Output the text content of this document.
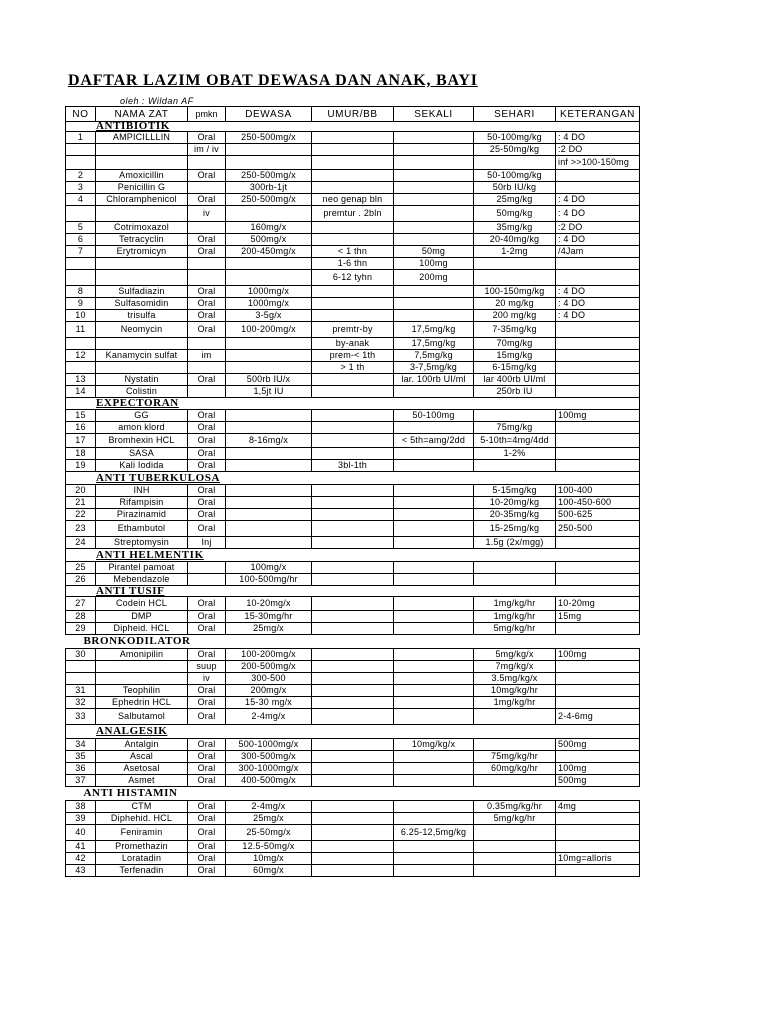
DAFTAR LAZIM OBAT DEWASA DAN ANAK, BAYI
oleh : Wildan AF
NO	NAMA ZAT	pmkn	DEWASA	UMUR/BB	SEKALI	SEHARI	KETERANGAN
ANTIBIOTIK							
1	AMPICILLLIN	Oral	250-500mg/x			50-100mg/kg	: 4 DO
		im / iv				25-50mg/kg	:2 DO
							inf >>100-150mg
2	Amoxicillin	Oral	250-500mg/x			50-100mg/kg	
3	Penicillin G		300rb-1jt			50rb IU/kg	
4	Chloramphenicol	Oral	250-500mg/x	neo genap bln		25mg/kg	: 4 DO
		iv		premtur . 2bln		50mg/kg	: 4 DO
5	Cotrimoxazol		160mg/x			35mg/kg	:2 DO
6	Tetracyclin	Oral	500mg/x			20-40mg/kg	: 4 DO
7	Erytromicyn	Oral	200-450mg/x	< 1 thn	50mg	1-2mg	/4Jam
				1-6 thn	100mg		
				6-12 tyhn	200mg		
8	Sulfadiazin	Oral	1000mg/x			100-150mg/kg	: 4 DO
9	Sulfasomidin	Oral	1000mg/x			20 mg/kg	: 4 DO
10	trisulfa	Oral	3-5g/x			200 mg/kg	: 4 DO
11	Neomycin	Oral	100-200mg/x	premtr-by	17,5mg/kg	7-35mg/kg	
				by-anak	17,5mg/kg	70mg/kg	
12	Kanamycin sulfat	im		prem-< 1th	7,5mg/kg	15mg/kg	
				> 1 th	3-7,5mg/kg	6-15mg/kg	
13	Nystatin	Oral	500rb IU/x		lar. 100rb UI/ml	lar 400rb UI/ml	
14	Colistin		1,5jt IU			250rb IU	
EXPECTORAN							
15	GG	Oral			50-100mg		100mg
16	amon klord	Oral				75mg/kg	
17	Bromhexin HCL	Oral	8-16mg/x		< 5th=amg/2dd	5-10th=4mg/4dd	
18	SASA	Oral				1-2%	
19	Kali Iodida	Oral		3bl-1th			
ANTI TUBERKULOSA							
20	INH	Oral				5-15mg/kg	100-400
21	Rifampisin	Oral				10-20mg/kg	100-450-600
22	Pirazinamid	Oral				20-35mg/kg	500-625
23	Ethambutol	Oral				15-25mg/kg	250-500
24	Streptomysin	Inj				1.5g (2x/mgg)	
ANTI HELMENTIK							
25	Pirantel pamoat		100mg/x				
26	Mebendazole		100-500mg/hr				
ANTI TUSIF							
27	Codein HCL	Oral	10-20mg/x			1mg/kg/hr	10-20mg
28	DMP	Oral	15-30mg/hr			1mg/kg/hr	15mg
29	Dipheid. HCL	Oral	25mg/x			5mg/kg/hr	
BRONKODILATOR							
30	Amonipilin	Oral	100-200mg/x			5mg/kg/x	100mg
		suup	200-500mg/x			7mg/kg/x	
		iv	300-500			3.5mg/kg/x	
31	Teophilin	Oral	200mg/x			10mg/kg/hr	
32	Ephedrin HCL	Oral	15-30 mg/x			1mg/kg/hr	
33	Salbutamol	Oral	2-4mg/x				2-4-6mg
ANALGESIK							
34	Antalgin	Oral	500-1000mg/x		10mg/kg/x		500mg
35	Ascal	Oral	300-500mg/x			75mg/kg/hr	
36	Asetosal	Oral	300-1000mg/x			60mg/kg/hr	100mg
37	Asmet	Oral	400-500mg/x				500mg
ANTI HISTAMIN							
38	CTM	Oral	2-4mg/x			0.35mg/kg/hr	4mg
39	Diphehid. HCL	Oral	25mg/x			5mg/kg/hr	
40	Feniramin	Oral	25-50mg/x		6.25-12,5mg/kg		
41	Promethazin	Oral	12.5-50mg/x				
42	Loratadin	Oral	10mg/x				10mg=alloris
43	Terfenadin	Oral	60mg/x				
